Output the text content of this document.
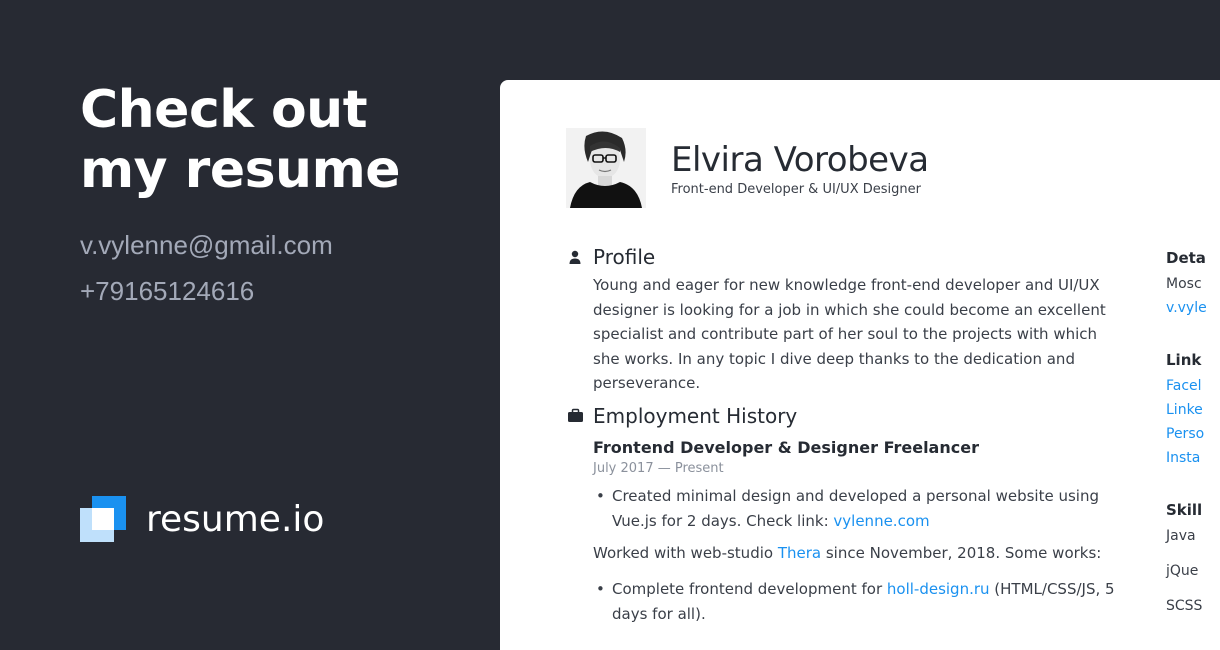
Check out
my resume
v.vylenne@gmail.com
+79165124616
resume.io
Elvira Vorobeva
Front-end Developer & UI/UX Designer
Profile
Young and eager for new knowledge front-end developer and UI/UX designer is looking for a job in which she could become an excellent specialist and contribute part of her soul to the projects with which she works. In any topic I dive deep thanks to the dedication and perseverance.
Employment History
Frontend Developer & Designer Freelancer
July 2017 — Present
• Created minimal design and developed a personal website using Vue.js for 2 days. Check link: vylenne.com
Worked with web-studio Thera since November, 2018. Some works:
• Complete frontend development for holl-design.ru (HTML/CSS/JS, 5 days for all).
Deta
Mosc
v.vyle
Link
Facel
Linke
Perso
Insta
Skill
Java
jQue
SCSS
